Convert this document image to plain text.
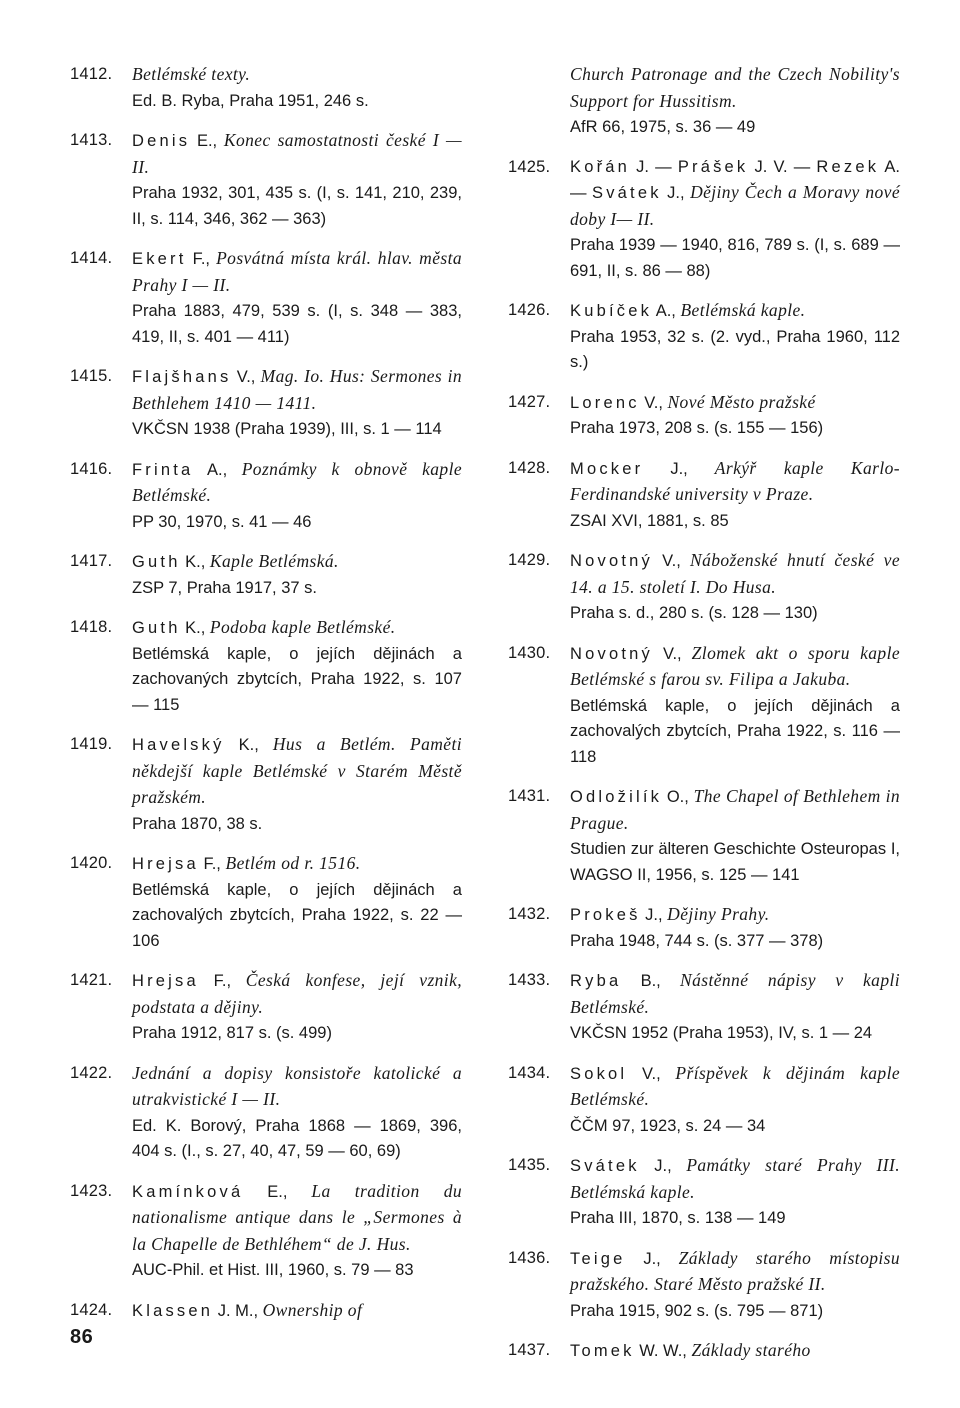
1412.	Betlémské texty.

Ed. B. Ryba, Praha 1951, 246 s.

1413.	Denis E., Konec samostatnosti české I — II.

Praha 1932, 301, 435 s. (I, s. 141, 210, 239, II, s. 114, 346, 362 — 363)

1414.	Ekert F., Posvátná místa král. hlav. města Prahy I — II.

Praha 1883, 479, 539 s. (I, s. 348 — 383, 419, II, s. 401 — 411)

1415.	Flajšhans V., Mag. Io. Hus: Sermones in Bethlehem 1410 — 1411.

VKČSN 1938 (Praha 1939), III, s. 1 — 114

1416.	Frinta A., Poznámky k obnově kaple Betlémské.

PP 30, 1970, s. 41 — 46

1417.	Guth K., Kaple Betlémská.

ZSP 7, Praha 1917, 37 s.

1418.	Guth K., Podoba kaple Betlémské.

Betlémská kaple, o jejích dějinách a zachovaných zbytcích, Praha 1922, s. 107 — 115

1419.	Havelský K., Hus a Betlém. Paměti někdejší kaple Betlémské v Starém Městě pražském.

Praha 1870, 38 s.

1420.	Hrejsa F., Betlém od r. 1516.

Betlémská kaple, o jejích dějinách a zachovalých zbytcích, Praha 1922, s. 22 — 106

1421.	Hrejsa F., Česká konfese, její vznik, podstata a dějiny.

Praha 1912, 817 s. (s. 499)

1422.	Jednání a dopisy konsistoře katolické a utrakvistické I — II.

Ed. K. Borový, Praha 1868 — 1869, 396, 404 s. (I., s. 27, 40, 47, 59 — 60, 69)

1423.	Kamínková E., La tradition du nationalisme antique dans le „Sermones à la Chapelle de Bethléhem“ de J. Hus.

AUC-Phil. et Hist. III, 1960, s. 79 — 83

1424.	Klassen J. M., Ownership of

Church Patronage and the Czech Nobility's Support for Hussitism.

AfR 66, 1975, s. 36 — 49

1425.	Kořán J. — Prášek J. V. — Rezek A. — Svátek J., Dějiny Čech a Moravy nové doby I— II.

Praha 1939 — 1940, 816, 789 s. (I, s. 689 — 691, II, s. 86 — 88)

1426.	Kubíček A., Betlémská kaple.

Praha 1953, 32 s. (2. vyd., Praha 1960, 112 s.)

1427.	Lorenc V., Nové Město pražské

Praha 1973, 208 s. (s. 155 — 156)

1428.	Mocker J., Arkýř kaple Karlo-Ferdinandské university v Praze.

ZSAI XVI, 1881, s. 85

1429.	Novotný V., Náboženské hnutí české ve 14. a 15. století I. Do Husa.

Praha s. d., 280 s. (s. 128 — 130)

1430.	Novotný V., Zlomek akt o sporu kaple Betlémské s farou sv. Filipa a Jakuba.

Betlémská kaple, o jejích dějinách a zachovalých zbytcích, Praha 1922, s. 116 — 118

1431.	Odložilík O., The Chapel of Bethlehem in Prague.

Studien zur älteren Geschichte Osteuropas I, WAGSO II, 1956, s. 125 — 141

1432.	Prokeš J., Dějiny Prahy.

Praha 1948, 744 s. (s. 377 — 378)

1433.	Ryba B., Nástěnné nápisy v kapli Betlémské.

VKČSN 1952 (Praha 1953), IV, s. 1 — 24

1434.	Sokol V., Příspěvek k dějinám kaple Betlémské.

ČČM 97, 1923, s. 24 — 34

1435.	Svátek J., Památky staré Prahy III. Betlémská kaple.

Praha III, 1870, s. 138 — 149

1436.	Teige J., Základy starého místopisu pražského. Staré Město pražské II.

Praha 1915, 902 s. (s. 795 — 871)

1437.	Tomek W. W., Základy starého

86
